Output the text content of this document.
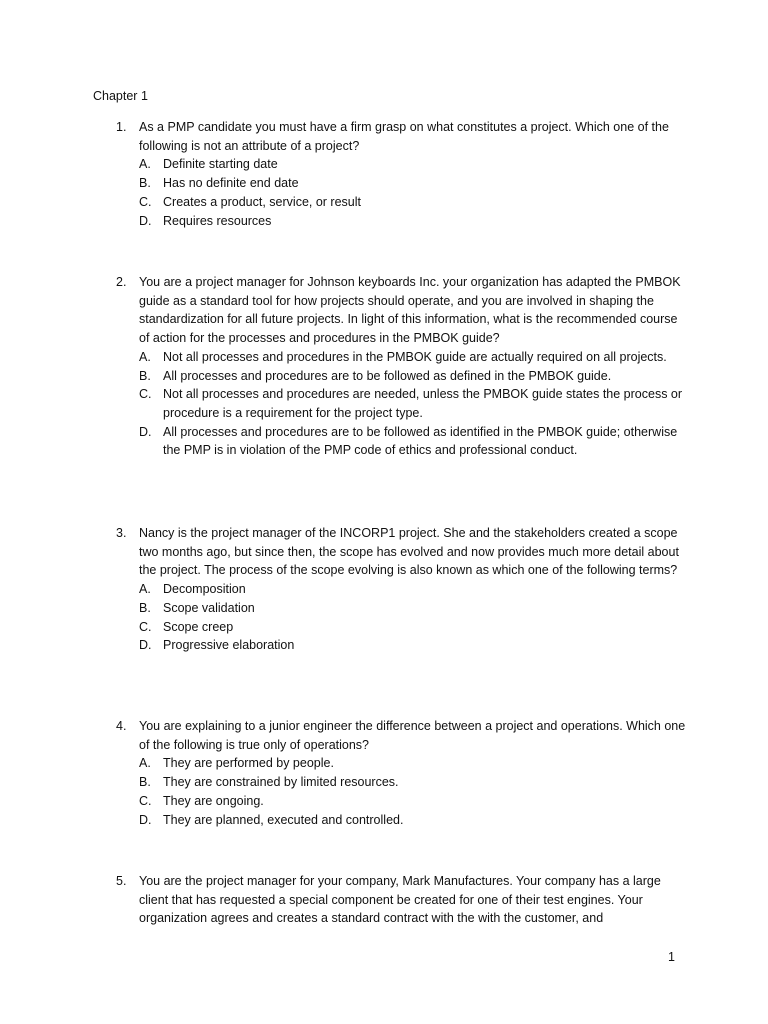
Chapter 1
1. As a PMP candidate you must have a firm grasp on what constitutes a project. Which one of the following is not an attribute of a project?
A. Definite starting date
B. Has no definite end date
C. Creates a product, service, or result
D. Requires resources
2. You are a project manager for Johnson keyboards Inc. your organization has adapted the PMBOK guide as a standard tool for how projects should operate, and you are involved in shaping the standardization for all future projects. In light of this information, what is the recommended course of action for the processes and procedures in the PMBOK guide?
A. Not all processes and procedures in the PMBOK guide are actually required on all projects.
B. All processes and procedures are to be followed as defined in the PMBOK guide.
C. Not all processes and procedures are needed, unless the PMBOK guide states the process or procedure is a requirement for the project type.
D. All processes and procedures are to be followed as identified in the PMBOK guide; otherwise the PMP is in violation of the PMP code of ethics and professional conduct.
3. Nancy is the project manager of the INCORP1 project. She and the stakeholders created a scope two months ago, but since then, the scope has evolved and now provides much more detail about the project. The process of the scope evolving is also known as which one of the following terms?
A. Decomposition
B. Scope validation
C. Scope creep
D. Progressive elaboration
4. You are explaining to a junior engineer the difference between a project and operations. Which one of the following is true only of operations?
A. They are performed by people.
B. They are constrained by limited resources.
C. They are ongoing.
D. They are planned, executed and controlled.
5. You are the project manager for your company, Mark Manufactures. Your company has a large client that has requested a special component be created for one of their test engines. Your organization agrees and creates a standard contract with the with the customer, and
1
